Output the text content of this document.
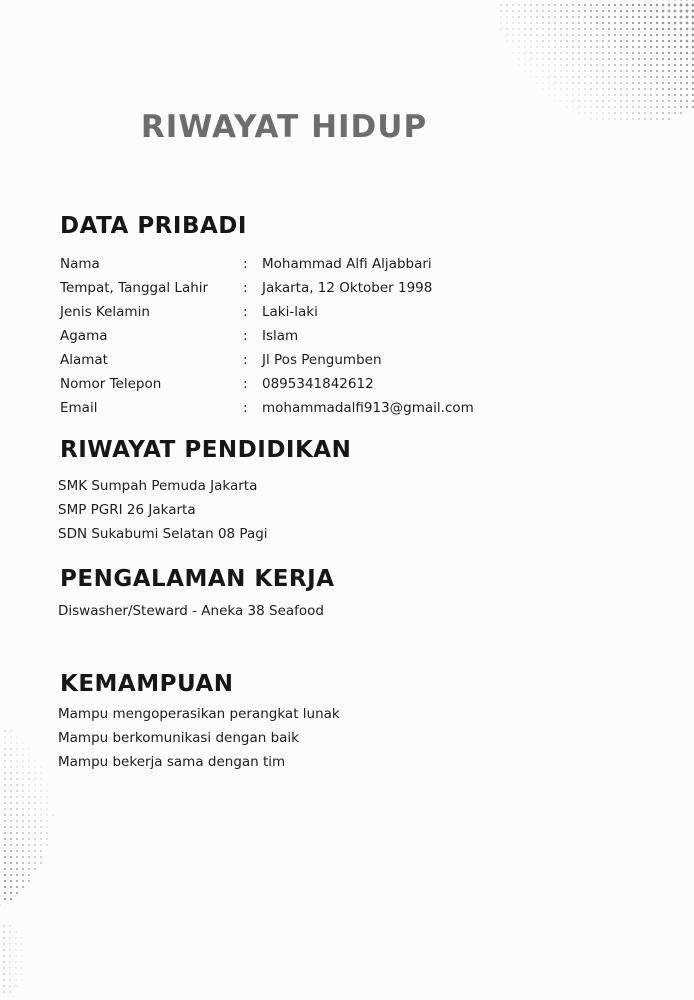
RIWAYAT HIDUP
DATA PRIBADI
Nama	:	Mohammad Alfi Aljabbari
Tempat, Tanggal Lahir	:	Jakarta, 12 Oktober 1998
Jenis Kelamin	:	Laki-laki
Agama	:	Islam
Alamat	:	Jl Pos Pengumben
Nomor Telepon	:	0895341842612
Email	:	mohammadalfi913@gmail.com
RIWAYAT PENDIDIKAN
SMK Sumpah Pemuda Jakarta
SMP PGRI 26 Jakarta
SDN Sukabumi Selatan 08 Pagi
PENGALAMAN KERJA
Diswasher/Steward - Aneka 38 Seafood
KEMAMPUAN
Mampu mengoperasikan perangkat lunak
Mampu berkomunikasi dengan baik
Mampu bekerja sama dengan tim
